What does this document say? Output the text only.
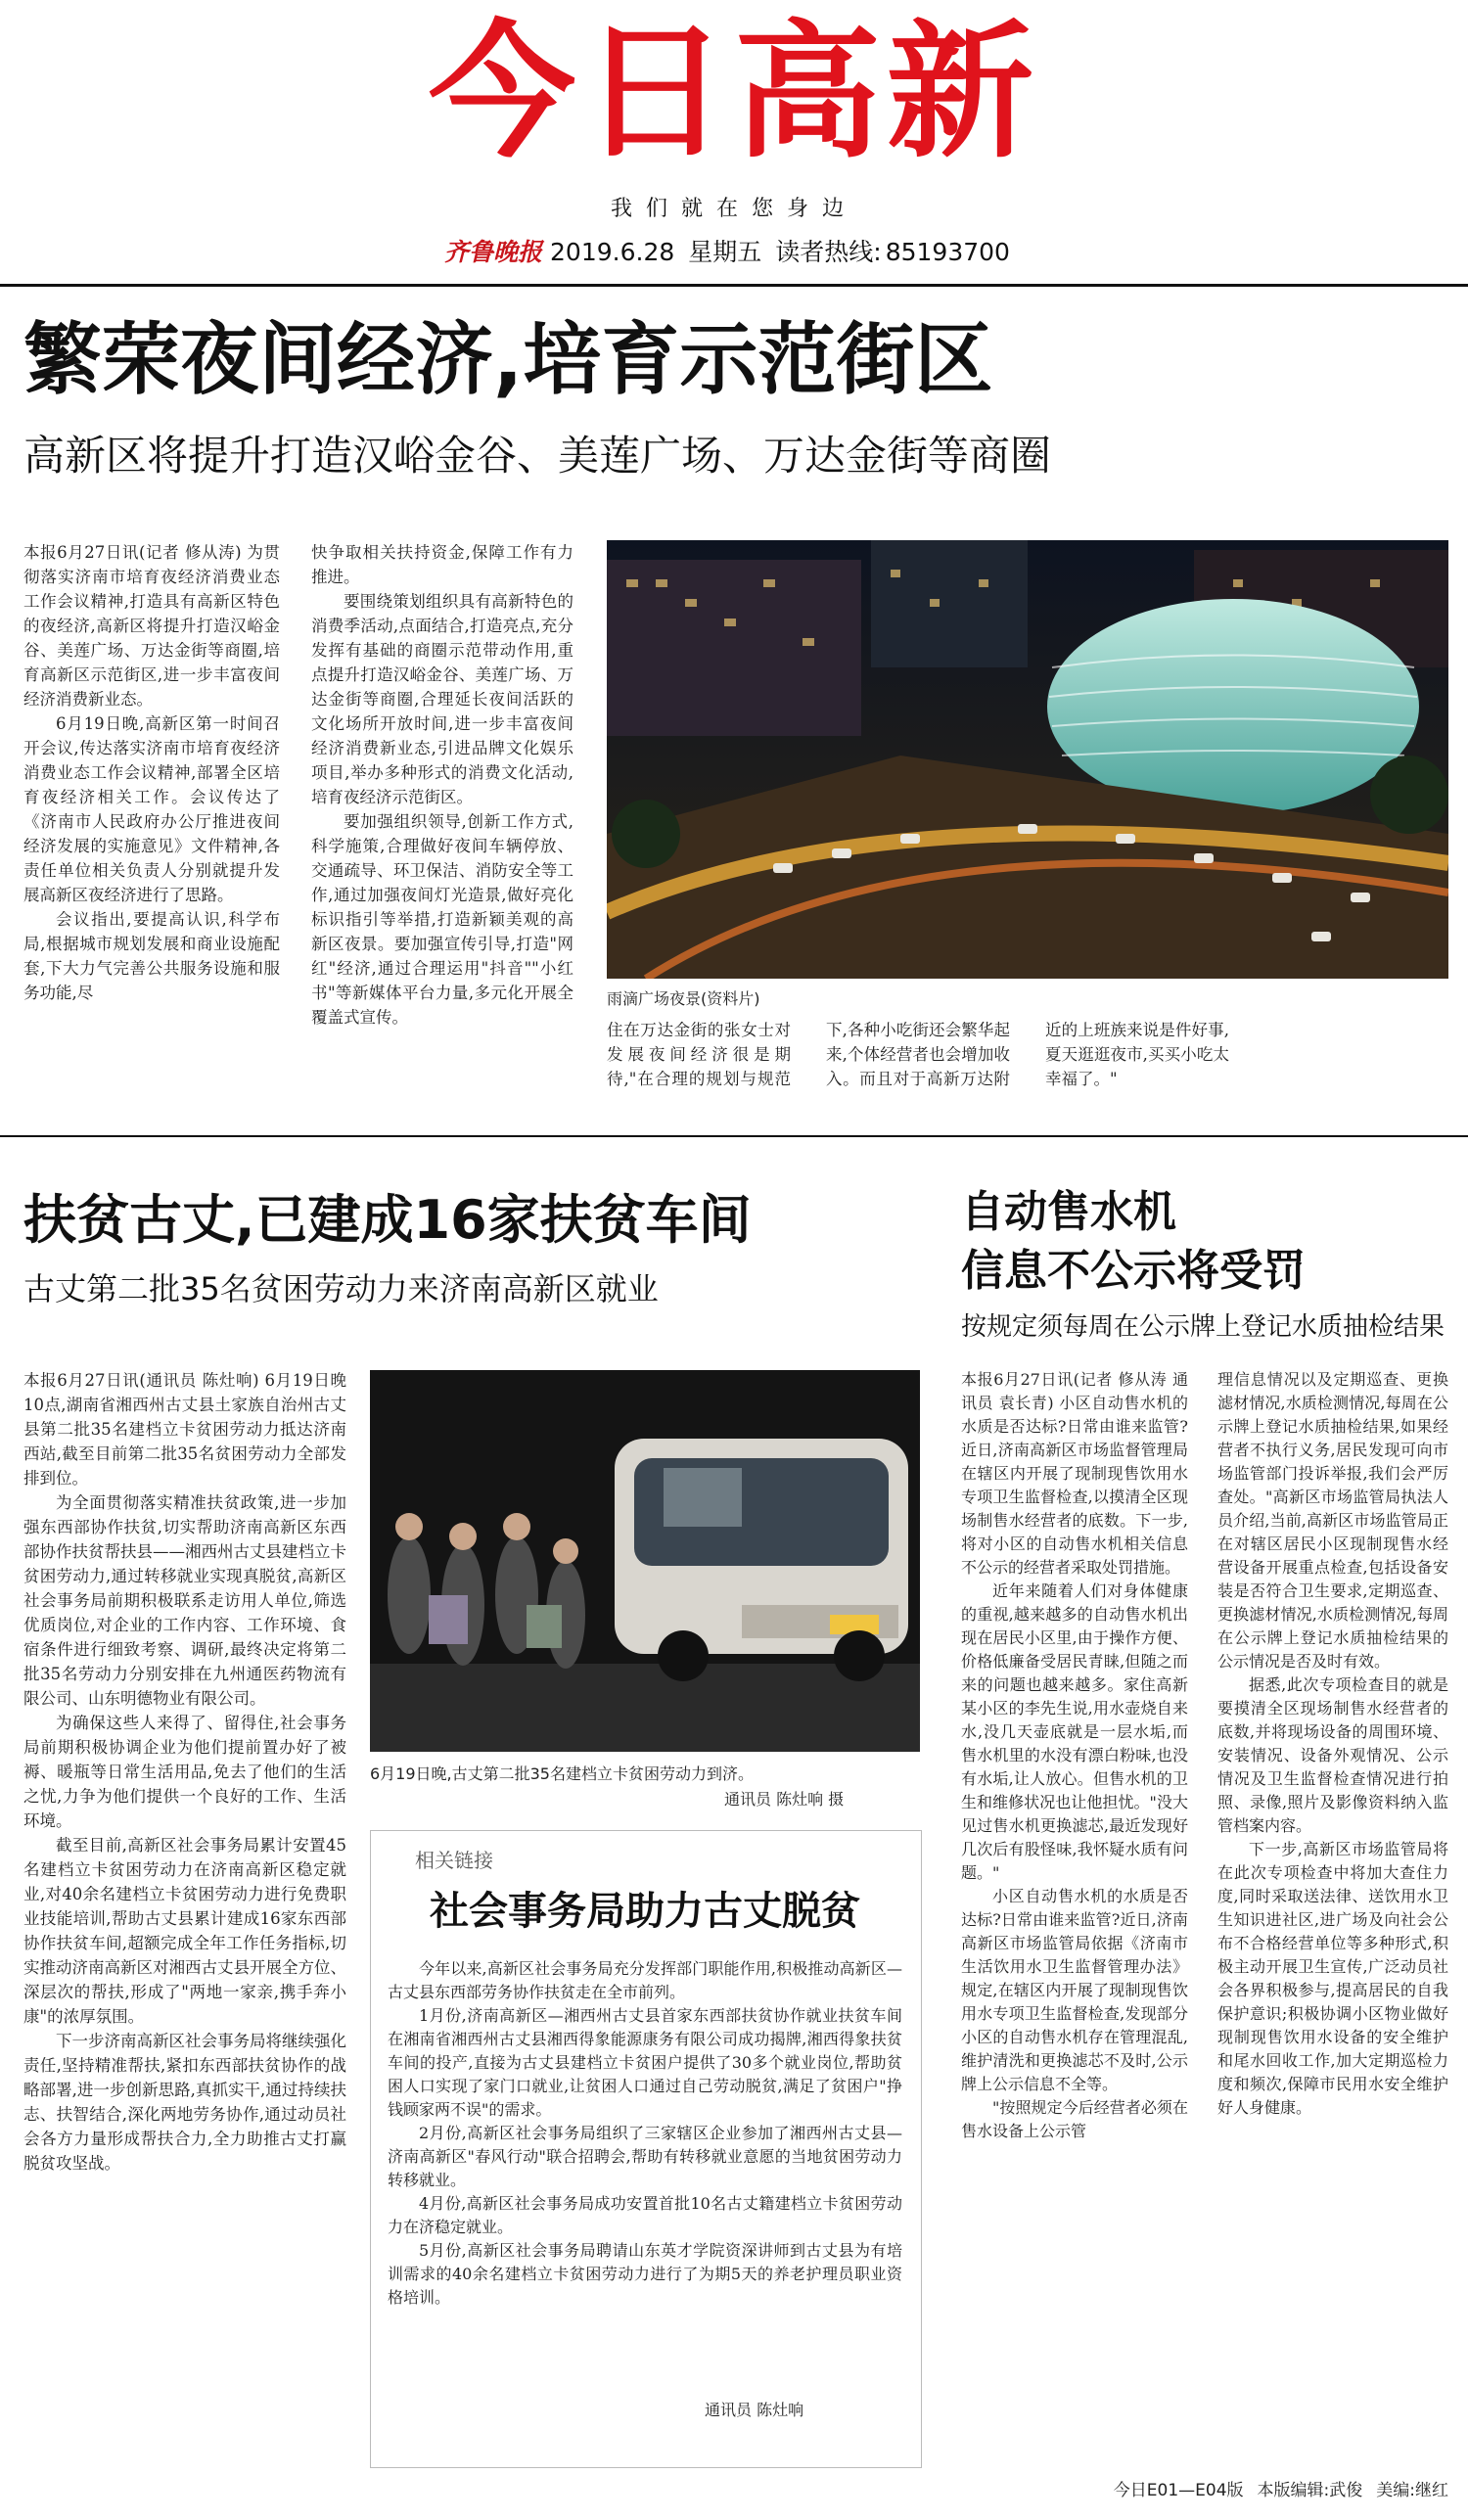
今日高新
我们就在您身边
齐鲁晚报 2019.6.28 星期五 读者热线: 85193700
繁荣夜间经济,培育示范街区
高新区将提升打造汉峪金谷、美莲广场、万达金街等商圈

本报6月27日讯(记者 修从涛) 为贯彻落实济南市培育夜经济消费业态工作会议精神,打造具有高新区特色的夜经济,高新区将提升打造汉峪金谷、美莲广场、万达金街等商圈,培育高新区示范街区,进一步丰富夜间经济消费新业态。

6月19日晚,高新区第一时间召开会议,传达落实济南市培育夜经济消费业态工作会议精神,部署全区培育夜经济相关工作。会议传达了《济南市人民政府办公厅推进夜间经济发展的实施意见》文件精神,各责任单位相关负责人分别就提升发展高新区夜经济进行了思路。

会议指出,要提高认识,科学布局,根据城市规划发展和商业设施配套,下大力气完善公共服务设施和服务功能,尽

快争取相关扶持资金,保障工作有力推进。

要围绕策划组织具有高新特色的消费季活动,点面结合,打造亮点,充分发挥有基础的商圈示范带动作用,重点提升打造汉峪金谷、美莲广场、万达金街等商圈,合理延长夜间活跃的文化场所开放时间,进一步丰富夜间经济消费新业态,引进品牌文化娱乐项目,举办多种形式的消费文化活动,培育夜经济示范街区。

要加强组织领导,创新工作方式,科学施策,合理做好夜间车辆停放、交通疏导、环卫保洁、消防安全等工作,通过加强夜间灯光造景,做好亮化标识指引等举措,打造新颖美观的高新区夜景。要加强宣传引导,打造"网红"经济,通过合理运用"抖音""小红书"等新媒体平台力量,多元化开展全覆盖式宣传。

雨滴广场夜景(资料片)

住在万达金街的张女士对发展夜间经济很是期待,"在合理的规划与规范下,各种小吃街还会繁华起来,个体经营者也会增加收入。而且对于高新万达附近的上班族来说是件好事,夏天逛逛夜市,买买小吃太幸福了。"

扶贫古丈,已建成16家扶贫车间
古丈第二批35名贫困劳动力来济南高新区就业

本报6月27日讯(通讯员 陈灶响) 6月19日晚10点,湖南省湘西州古丈县土家族自治州古丈县第二批35名建档立卡贫困劳动力抵达济南西站,截至目前第二批35名贫困劳动力全部发排到位。

为全面贯彻落实精准扶贫政策,进一步加强东西部协作扶贫,切实帮助济南高新区东西部协作扶贫帮扶县——湘西州古丈县建档立卡贫困劳动力,通过转移就业实现真脱贫,高新区社会事务局前期积极联系走访用人单位,筛选优质岗位,对企业的工作内容、工作环境、食宿条件进行细致考察、调研,最终决定将第二批35名劳动力分别安排在九州通医药物流有限公司、山东明德物业有限公司。

为确保这些人来得了、留得住,社会事务局前期积极协调企业为他们提前置办好了被褥、暖瓶等日常生活用品,免去了他们的生活之忧,力争为他们提供一个良好的工作、生活环境。

截至目前,高新区社会事务局累计安置45名建档立卡贫困劳动力在济南高新区稳定就业,对40余名建档立卡贫困劳动力进行免费职业技能培训,帮助古丈县累计建成16家东西部协作扶贫车间,超额完成全年工作任务指标,切实推动济南高新区对湘西古丈县开展全方位、深层次的帮扶,形成了"两地一家亲,携手奔小康"的浓厚氛围。

下一步济南高新区社会事务局将继续强化责任,坚持精准帮扶,紧扣东西部扶贫协作的战略部署,进一步创新思路,真抓实干,通过持续扶志、扶智结合,深化两地劳务协作,通过动员社会各方力量形成帮扶合力,全力助推古丈打赢脱贫攻坚战。

6月19日晚,古丈第二批35名建档立卡贫困劳动力到济。
通讯员 陈灶响 摄
相关链接
社会事务局助力古丈脱贫

今年以来,高新区社会事务局充分发挥部门职能作用,积极推动高新区—古丈县东西部劳务协作扶贫走在全市前列。

1月份,济南高新区—湘西州古丈县首家东西部扶贫协作就业扶贫车间在湘南省湘西州古丈县湘西得象能源康务有限公司成功揭牌,湘西得象扶贫车间的投产,直接为古丈县建档立卡贫困户提供了30多个就业岗位,帮助贫困人口实现了家门口就业,让贫困人口通过自己劳动脱贫,满足了贫困户"挣钱顾家两不误"的需求。

2月份,高新区社会事务局组织了三家辖区企业参加了湘西州古丈县—济南高新区"春风行动"联合招聘会,帮助有转移就业意愿的当地贫困劳动力转移就业。

4月份,高新区社会事务局成功安置首批10名古丈籍建档立卡贫困劳动力在济稳定就业。

5月份,高新区社会事务局聘请山东英才学院资深讲师到古丈县为有培训需求的40余名建档立卡贫困劳动力进行了为期5天的养老护理员职业资格培训。

通讯员 陈灶响
自动售水机
信息不公示将受罚
按规定须每周在公示牌上登记水质抽检结果

本报6月27日讯(记者 修从涛 通讯员 袁长青) 小区自动售水机的水质是否达标?日常由谁来监管?近日,济南高新区市场监督管理局在辖区内开展了现制现售饮用水专项卫生监督检查,以摸清全区现场制售水经营者的底数。下一步,将对小区的自动售水机相关信息不公示的经营者采取处罚措施。

近年来随着人们对身体健康的重视,越来越多的自动售水机出现在居民小区里,由于操作方便、价格低廉备受居民青睐,但随之而来的问题也越来越多。家住高新某小区的李先生说,用水壶烧自来水,没几天壶底就是一层水垢,而售水机里的水没有漂白粉味,也没有水垢,让人放心。但售水机的卫生和维修状况也让他担忧。"没大见过售水机更换滤芯,最近发现好几次后有股怪味,我怀疑水质有问题。"

小区自动售水机的水质是否达标?日常由谁来监管?近日,济南高新区市场监管局依据《济南市生活饮用水卫生监督管理办法》规定,在辖区内开展了现制现售饮用水专项卫生监督检查,发现部分小区的自动售水机存在管理混乱,维护清洗和更换滤芯不及时,公示牌上公示信息不全等。

"按照规定今后经营者必须在售水设备上公示管

理信息情况以及定期巡查、更换滤材情况,水质检测情况,每周在公示牌上登记水质抽检结果,如果经营者不执行义务,居民发现可向市场监管部门投诉举报,我们会严厉查处。"高新区市场监管局执法人员介绍,当前,高新区市场监管局正在对辖区居民小区现制现售水经营设备开展重点检查,包括设备安装是否符合卫生要求,定期巡查、更换滤材情况,水质检测情况,每周在公示牌上登记水质抽检结果的公示情况是否及时有效。

据悉,此次专项检查目的就是要摸清全区现场制售水经营者的底数,并将现场设备的周围环境、安装情况、设备外观情况、公示情况及卫生监督检查情况进行拍照、录像,照片及影像资料纳入监管档案内容。

下一步,高新区市场监管局将在此次专项检查中将加大查住力度,同时采取送法律、送饮用水卫生知识进社区,进广场及向社会公布不合格经营单位等多种形式,积极主动开展卫生宣传,广泛动员社会各界积极参与,提高居民的自我保护意识;积极协调小区物业做好现制现售饮用水设备的安全维护和尾水回收工作,加大定期巡检力度和频次,保障市民用水安全维护好人身健康。

今日E01—E04版 本版编辑:武俊 美编:继红
